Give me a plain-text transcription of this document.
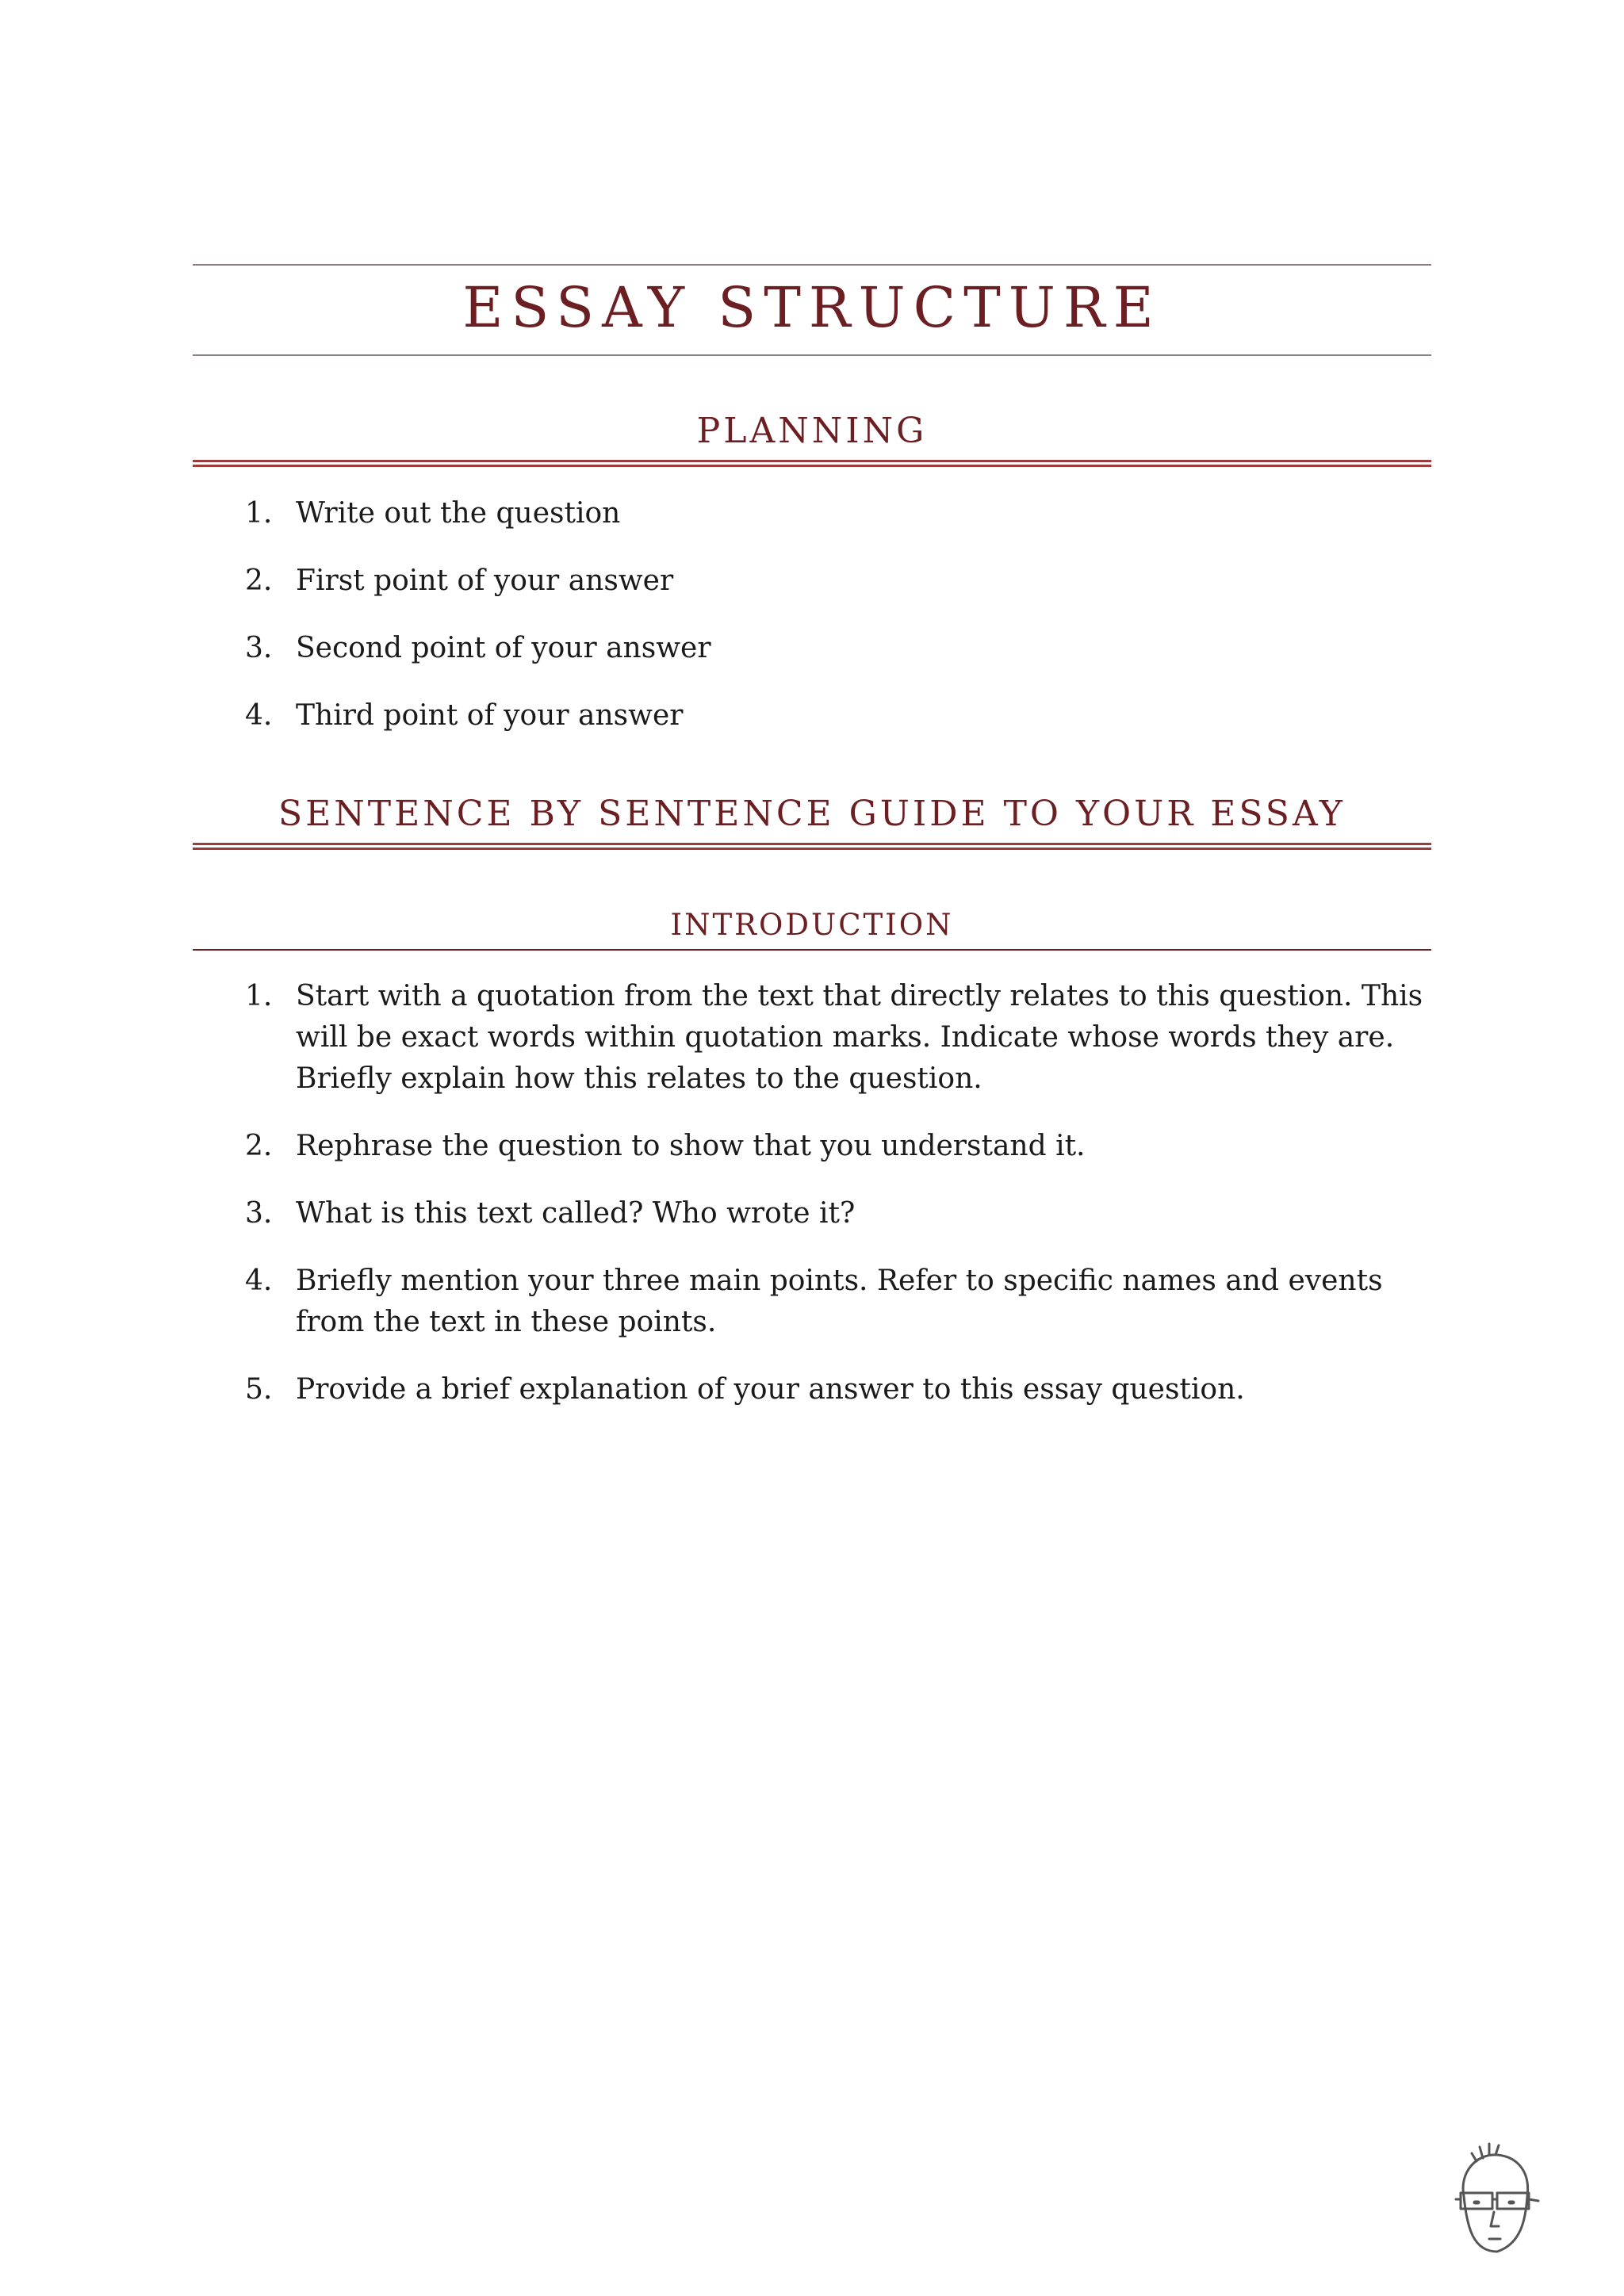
ESSAY STRUCTURE
PLANNING
1. Write out the question
2. First point of your answer
3. Second point of your answer
4. Third point of your answer
SENTENCE BY SENTENCE GUIDE TO YOUR ESSAY
INTRODUCTION
1. Start with a quotation from the text that directly relates to this question. This will be exact words within quotation marks. Indicate whose words they are. Briefly explain how this relates to the question.
2. Rephrase the question to show that you understand it.
3. What is this text called? Who wrote it?
4. Briefly mention your three main points. Refer to specific names and events from the text in these points.
5. Provide a brief explanation of your answer to this essay question.
